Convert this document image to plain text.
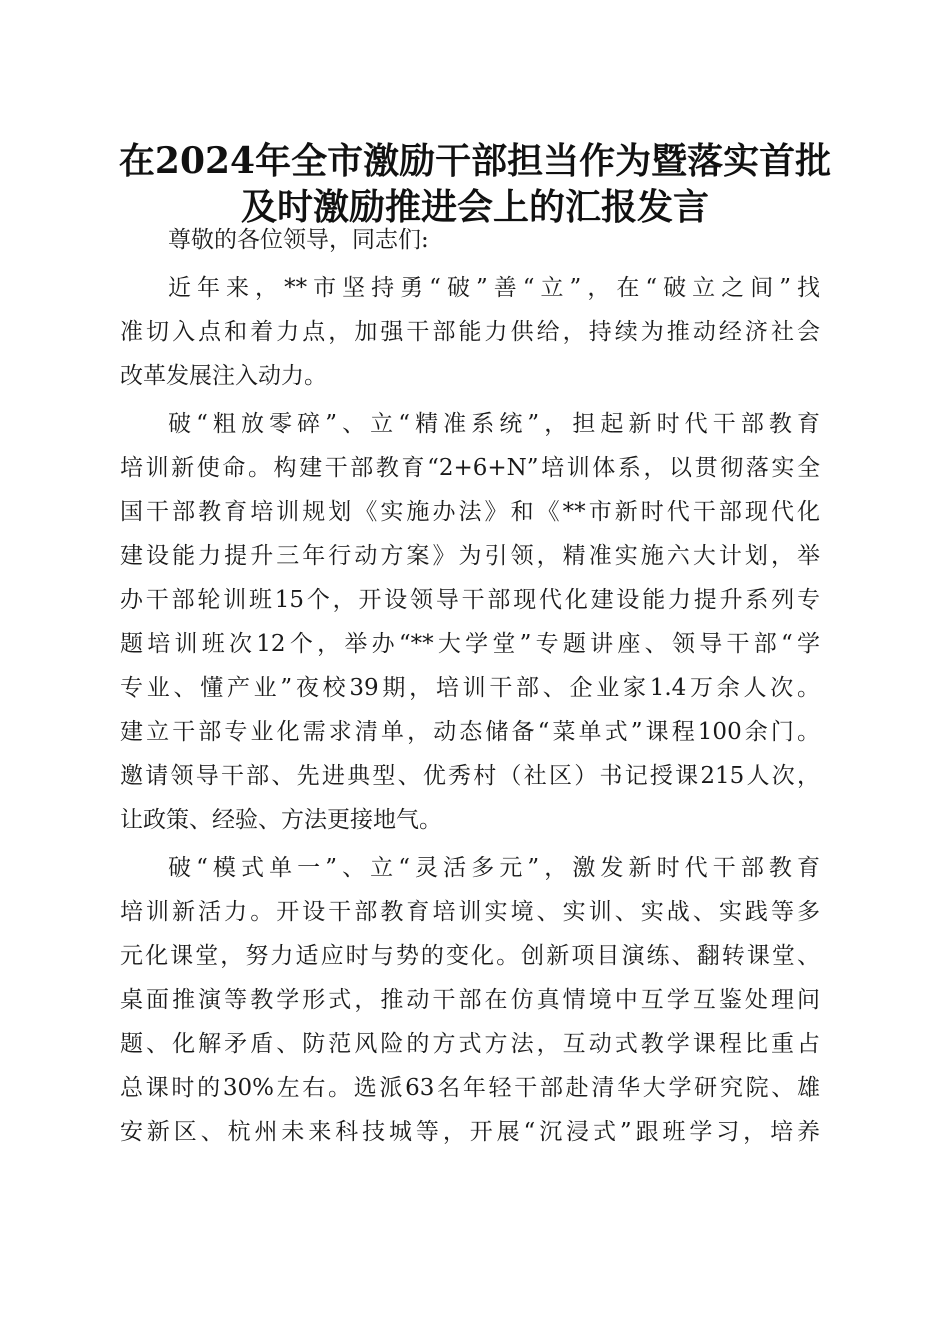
在2024年全市激励干部担当作为暨落实首批
及时激励推进会上的汇报发言
尊敬的各位领导，同志们:
近年来，**市坚持勇“破”善“立”，在“破立之间”找
准切入点和着力点，加强干部能力供给，持续为推动经济社会
改革发展注入动力。
破“粗放零碎”、立“精准系统”，担起新时代干部教育
培训新使命。构建干部教育“2+6+N”培训体系，以贯彻落实全
国干部教育培训规划《实施办法》和《**市新时代干部现代化
建设能力提升三年行动方案》为引领，精准实施六大计划，举
办干部轮训班15个，开设领导干部现代化建设能力提升系列专
题培训班次12个，举办“**大学堂”专题讲座、领导干部“学
专业、懂产业”夜校39期，培训干部、企业家1.4万余人次。
建立干部专业化需求清单，动态储备“菜单式”课程100余门。
邀请领导干部、先进典型、优秀村（社区）书记授课215人次，
让政策、经验、方法更接地气。
破“模式单一”、立“灵活多元”，激发新时代干部教育
培训新活力。开设干部教育培训实境、实训、实战、实践等多
元化课堂，努力适应时与势的变化。创新项目演练、翻转课堂、
桌面推演等教学形式，推动干部在仿真情境中互学互鉴处理问
题、化解矛盾、防范风险的方式方法，互动式教学课程比重占
总课时的30%左右。选派63名年轻干部赴清华大学研究院、雄
安新区、杭州未来科技城等，开展“沉浸式”跟班学习，培养
